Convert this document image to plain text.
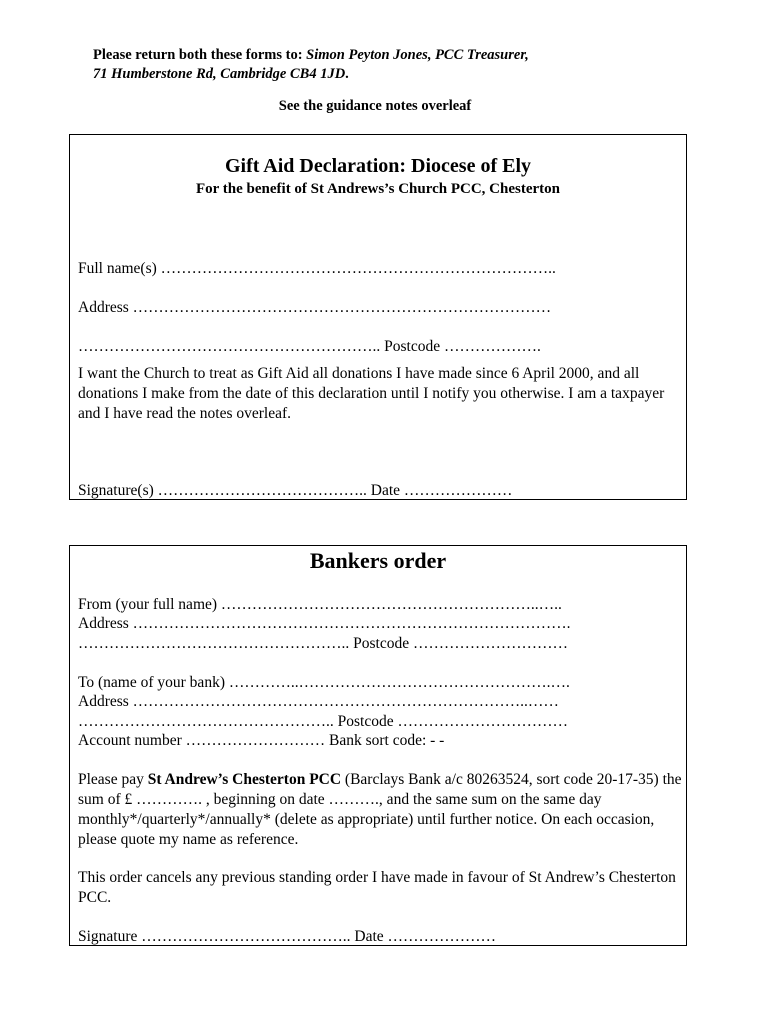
Please return both these forms to: Simon Peyton Jones, PCC Treasurer,
71 Humberstone Rd, Cambridge CB4 1JD.
See the guidance notes overleaf
Gift Aid Declaration: Diocese of Ely
For the benefit of St Andrews’s Church PCC, Chesterton
Full name(s) …………………………………………………………………..
Address ………………………………………………………………………
………………………………………………….. Postcode ……………….
I want the Church to treat as Gift Aid all donations I have made since 6 April 2000, and all donations I make from the date of this declaration until I notify you otherwise. I am a taxpayer and I have read the notes overleaf.
Signature(s) ………………………………….. Date …………………
Bankers order
From (your full name) ……………………………………………………..…..
Address ………………………………………………………………………….
…………………………………………….. Postcode …………………………
To (name of your bank) …………..………………………………………….….
Address …………………………………………………………………..……
………………………………………….. Postcode ……………………………
Account number ……………………… Bank sort code: - -
Please pay St Andrew’s Chesterton PCC (Barclays Bank a/c 80263524, sort code 20-17-35) the sum of £ …………. , beginning on date ………., and the same sum on the same day monthly*/quarterly*/annually* (delete as appropriate) until further notice. On each occasion, please quote my name as reference.
This order cancels any previous standing order I have made in favour of St Andrew’s Chesterton PCC.
Signature ………………………………….. Date …………………
